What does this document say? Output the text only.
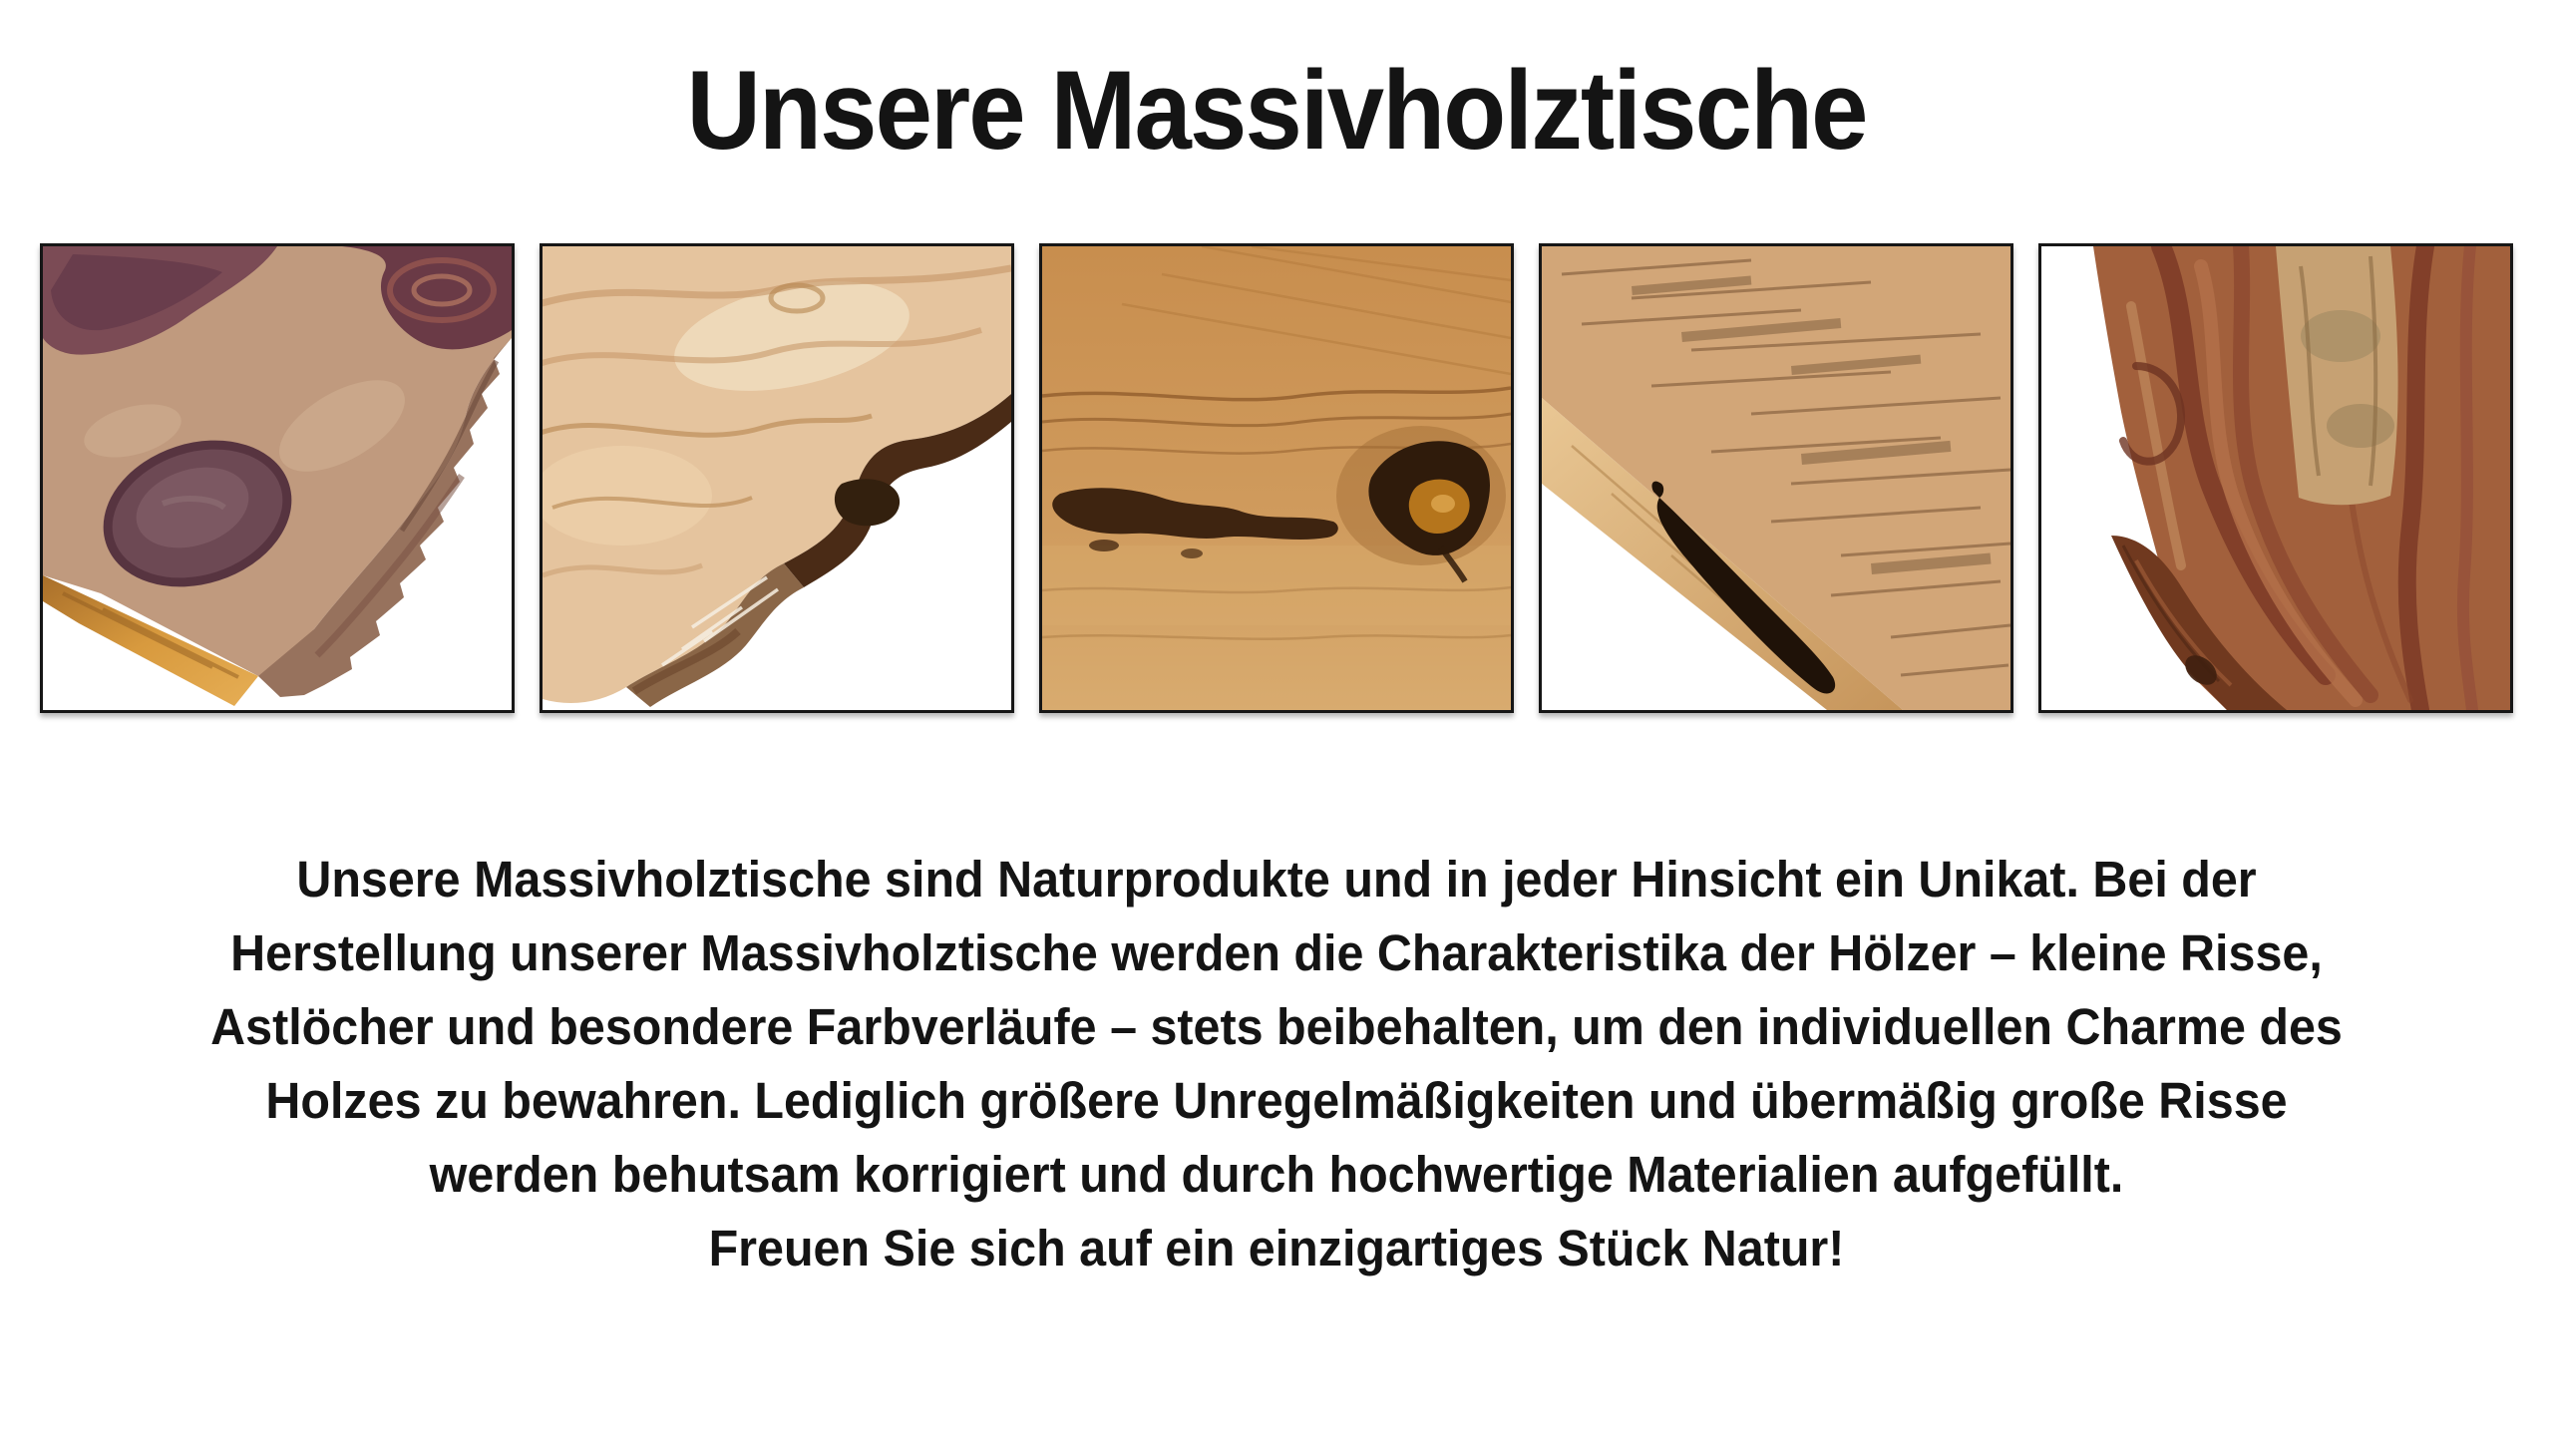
Unsere Massivholztische
Unsere Massivholztische sind Naturprodukte und in jeder Hinsicht ein Unikat. Bei der
Herstellung unserer Massivholztische werden die Charakteristika der Hölzer – kleine Risse,
Astlöcher und besondere Farbverläufe – stets beibehalten, um den individuellen Charme des
Holzes zu bewahren. Lediglich größere Unregelmäßigkeiten und übermäßig große Risse
werden behutsam korrigiert und durch hochwertige Materialien aufgefüllt.
Freuen Sie sich auf ein einzigartiges Stück Natur!
